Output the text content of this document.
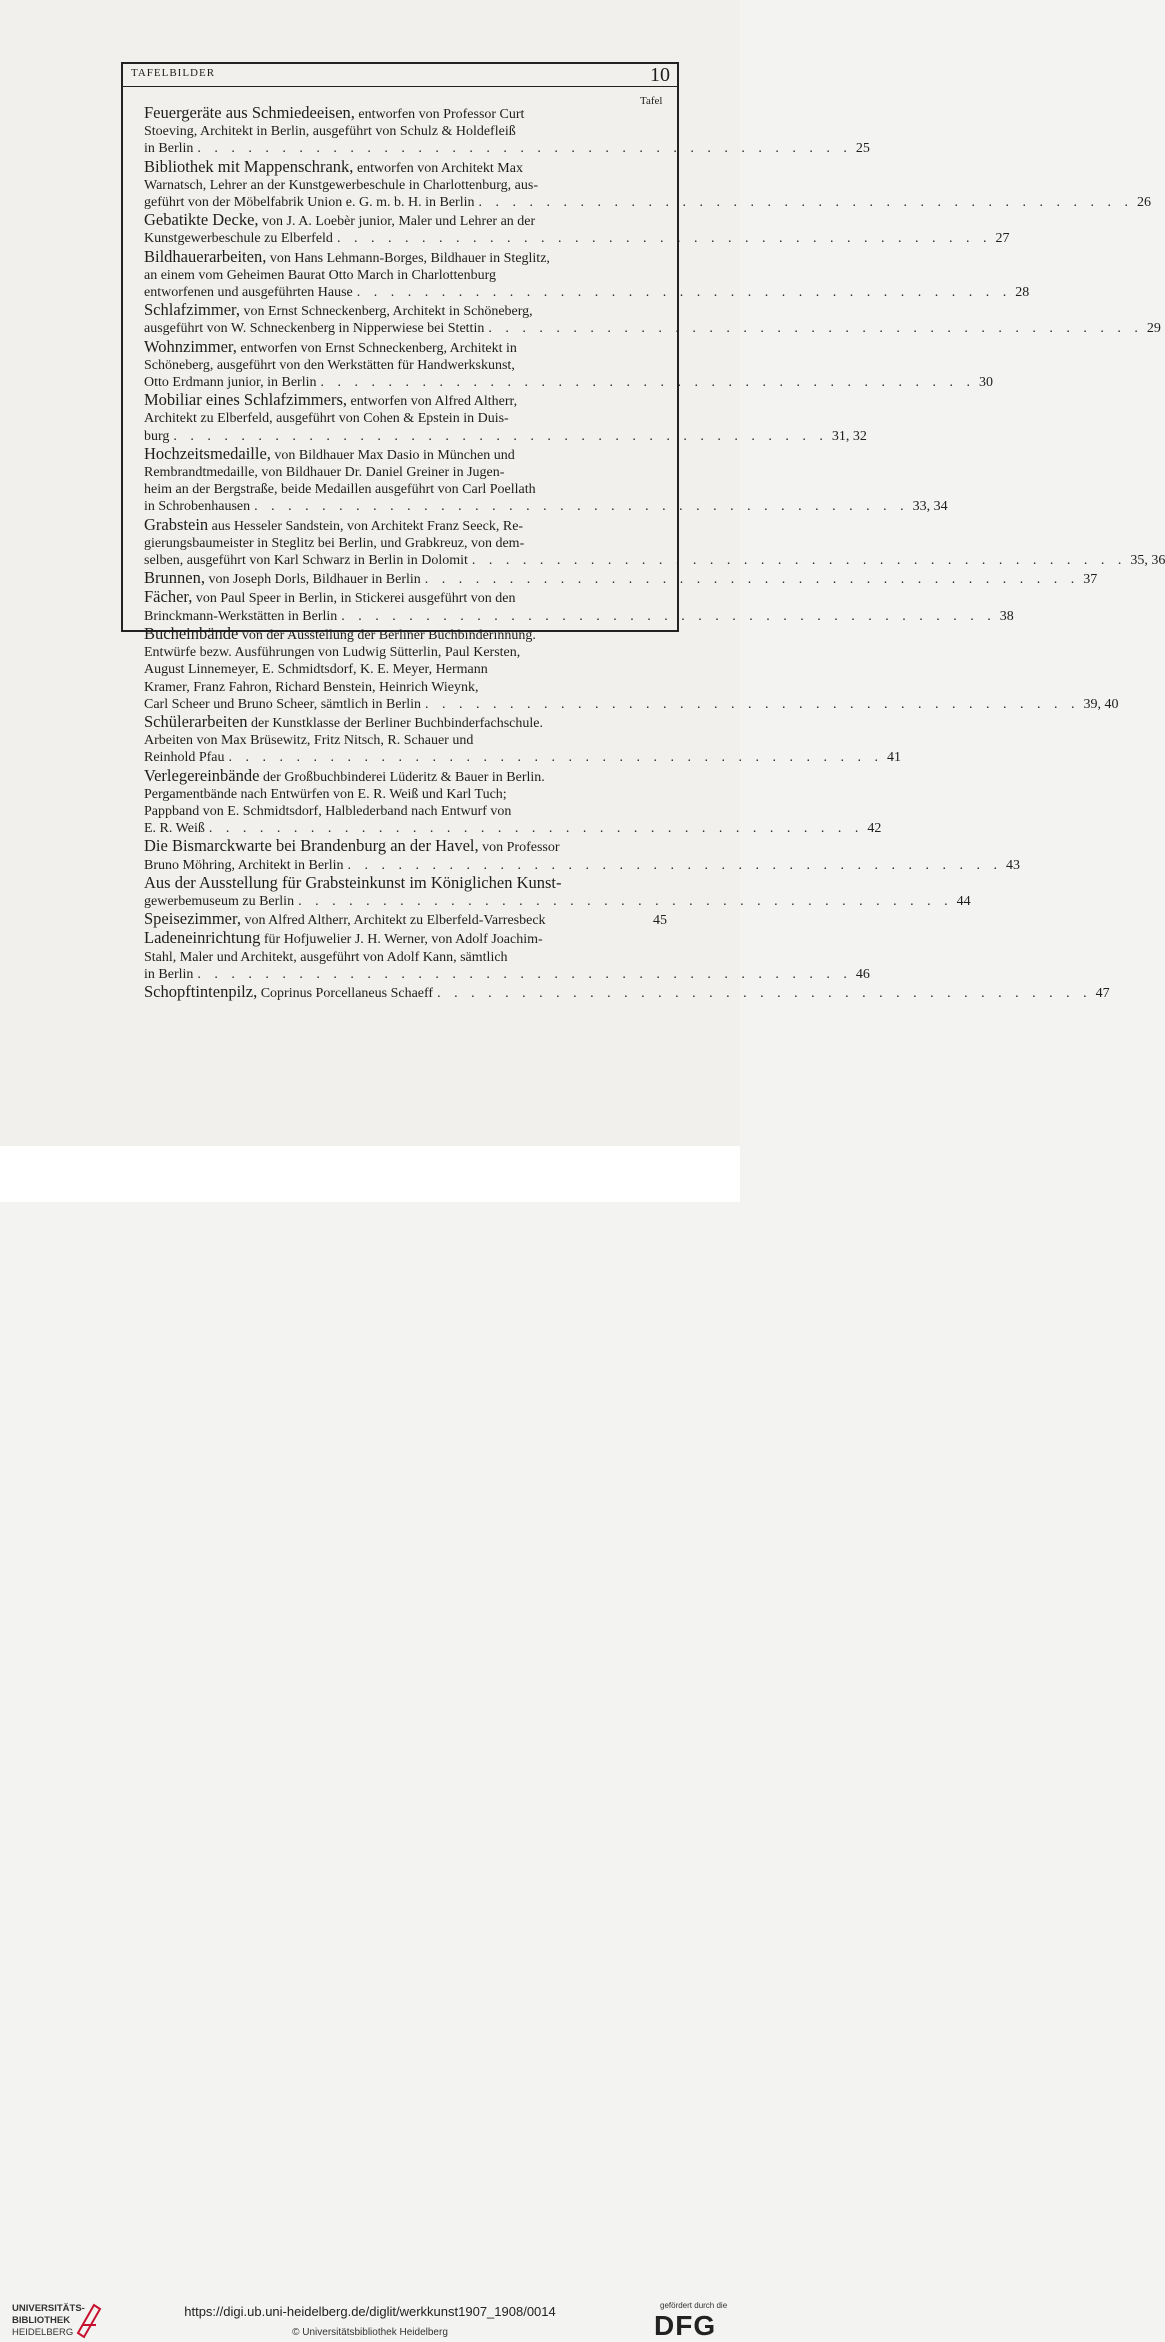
TAFELBILDER	10
Tafel
Feuergeräte aus Schmiedeeisen, entworfen von Professor Curt
Stoeving, Architekt in Berlin, ausgeführt von Schulz & Holdefleiß
in Berlin . . . . . . . . . . . . . . . . . . . . . . . . . . . . . . . . . . . . . . . 25
Bibliothek mit Mappenschrank, entworfen von Architekt Max
Warnatsch, Lehrer an der Kunstgewerbeschule in Charlottenburg, aus-
geführt von der Möbelfabrik Union e. G. m. b. H. in Berlin . . . . . . . . . . . . . . . . . . . . . . . . . . . . . . . . . . . . . . . 26
Gebatikte Decke, von J. A. Loebèr junior, Maler und Lehrer an der
Kunstgewerbeschule zu Elberfeld . . . . . . . . . . . . . . . . . . . . . . . . . . . . . . . . . . . . . . . 27
Bildhauerarbeiten, von Hans Lehmann-Borges, Bildhauer in Steglitz,
an einem vom Geheimen Baurat Otto March in Charlottenburg
entworfenen und ausgeführten Hause . . . . . . . . . . . . . . . . . . . . . . . . . . . . . . . . . . . . . . . 28
Schlafzimmer, von Ernst Schneckenberg, Architekt in Schöneberg,
ausgeführt von W. Schneckenberg in Nipperwiese bei Stettin . . . . . . . . . . . . . . . . . . . . . . . . . . . . . . . . . . . . . . . 29
Wohnzimmer, entworfen von Ernst Schneckenberg, Architekt in
Schöneberg, ausgeführt von den Werkstätten für Handwerkskunst,
Otto Erdmann junior, in Berlin . . . . . . . . . . . . . . . . . . . . . . . . . . . . . . . . . . . . . . . 30
Mobiliar eines Schlafzimmers, entworfen von Alfred Altherr,
Architekt zu Elberfeld, ausgeführt von Cohen & Epstein in Duis-
burg . . . . . . . . . . . . . . . . . . . . . . . . . . . . . . . . . . . . . . . 31, 32
Hochzeitsmedaille, von Bildhauer Max Dasio in München und
Rembrandtmedaille, von Bildhauer Dr. Daniel Greiner in Jugen-
heim an der Bergstraße, beide Medaillen ausgeführt von Carl Poellath
in Schrobenhausen . . . . . . . . . . . . . . . . . . . . . . . . . . . . . . . . . . . . . . . 33, 34
Grabstein aus Hesseler Sandstein, von Architekt Franz Seeck, Re-
gierungsbaumeister in Steglitz bei Berlin, und Grabkreuz, von dem-
selben, ausgeführt von Karl Schwarz in Berlin in Dolomit . . . . . . . . . . . . . . . . . . . . . . . . . . . . . . . . . . . . . . . 35, 36
Brunnen, von Joseph Dorls, Bildhauer in Berlin . . . . . . . . . . . . . . . . . . . . . . . . . . . . . . . . . . . . . . . 37
Fächer, von Paul Speer in Berlin, in Stickerei ausgeführt von den
Brinckmann-Werkstätten in Berlin . . . . . . . . . . . . . . . . . . . . . . . . . . . . . . . . . . . . . . . 38
Bucheinbände von der Ausstellung der Berliner Buchbinderinnung.
Entwürfe bezw. Ausführungen von Ludwig Sütterlin, Paul Kersten,
August Linnemeyer, E. Schmidtsdorf, K. E. Meyer, Hermann
Kramer, Franz Fahron, Richard Benstein, Heinrich Wieynk,
Carl Scheer und Bruno Scheer, sämtlich in Berlin . . . . . . . . . . . . . . . . . . . . . . . . . . . . . . . . . . . . . . . 39, 40
Schülerarbeiten der Kunstklasse der Berliner Buchbinderfachschule.
Arbeiten von Max Brüsewitz, Fritz Nitsch, R. Schauer und
Reinhold Pfau . . . . . . . . . . . . . . . . . . . . . . . . . . . . . . . . . . . . . . . 41
Verlegereinbände der Großbuchbinderei Lüderitz & Bauer in Berlin.
Pergamentbände nach Entwürfen von E. R. Weiß und Karl Tuch;
Pappband von E. Schmidtsdorf, Halblederband nach Entwurf von
E. R. Weiß . . . . . . . . . . . . . . . . . . . . . . . . . . . . . . . . . . . . . . . 42
Die Bismarckwarte bei Brandenburg an der Havel, von Professor
Bruno Möhring, Architekt in Berlin . . . . . . . . . . . . . . . . . . . . . . . . . . . . . . . . . . . . . . . 43
Aus der Ausstellung für Grabsteinkunst im Königlichen Kunst-
gewerbemuseum zu Berlin . . . . . . . . . . . . . . . . . . . . . . . . . . . . . . . . . . . . . . . 44
Speisezimmer, von Alfred Altherr, Architekt zu Elberfeld-Varresbeck	45
Ladeneinrichtung für Hofjuwelier J. H. Werner, von Adolf Joachim-
Stahl, Maler und Architekt, ausgeführt von Adolf Kann, sämtlich
in Berlin . . . . . . . . . . . . . . . . . . . . . . . . . . . . . . . . . . . . . . . 46
Schopftintenpilz, Coprinus Porcellaneus Schaeff . . . . . . . . . . . . . . . . . . . . . . . . . . . . . . . . . . . . . . . 47
UNIVERSITÄTS-
BIBLIOTHEK
HEIDELBERG
https://digi.ub.uni-heidelberg.de/diglit/werkkunst1907_1908/0014
© Universitätsbibliothek Heidelberg
gefördert durch die
DFG
